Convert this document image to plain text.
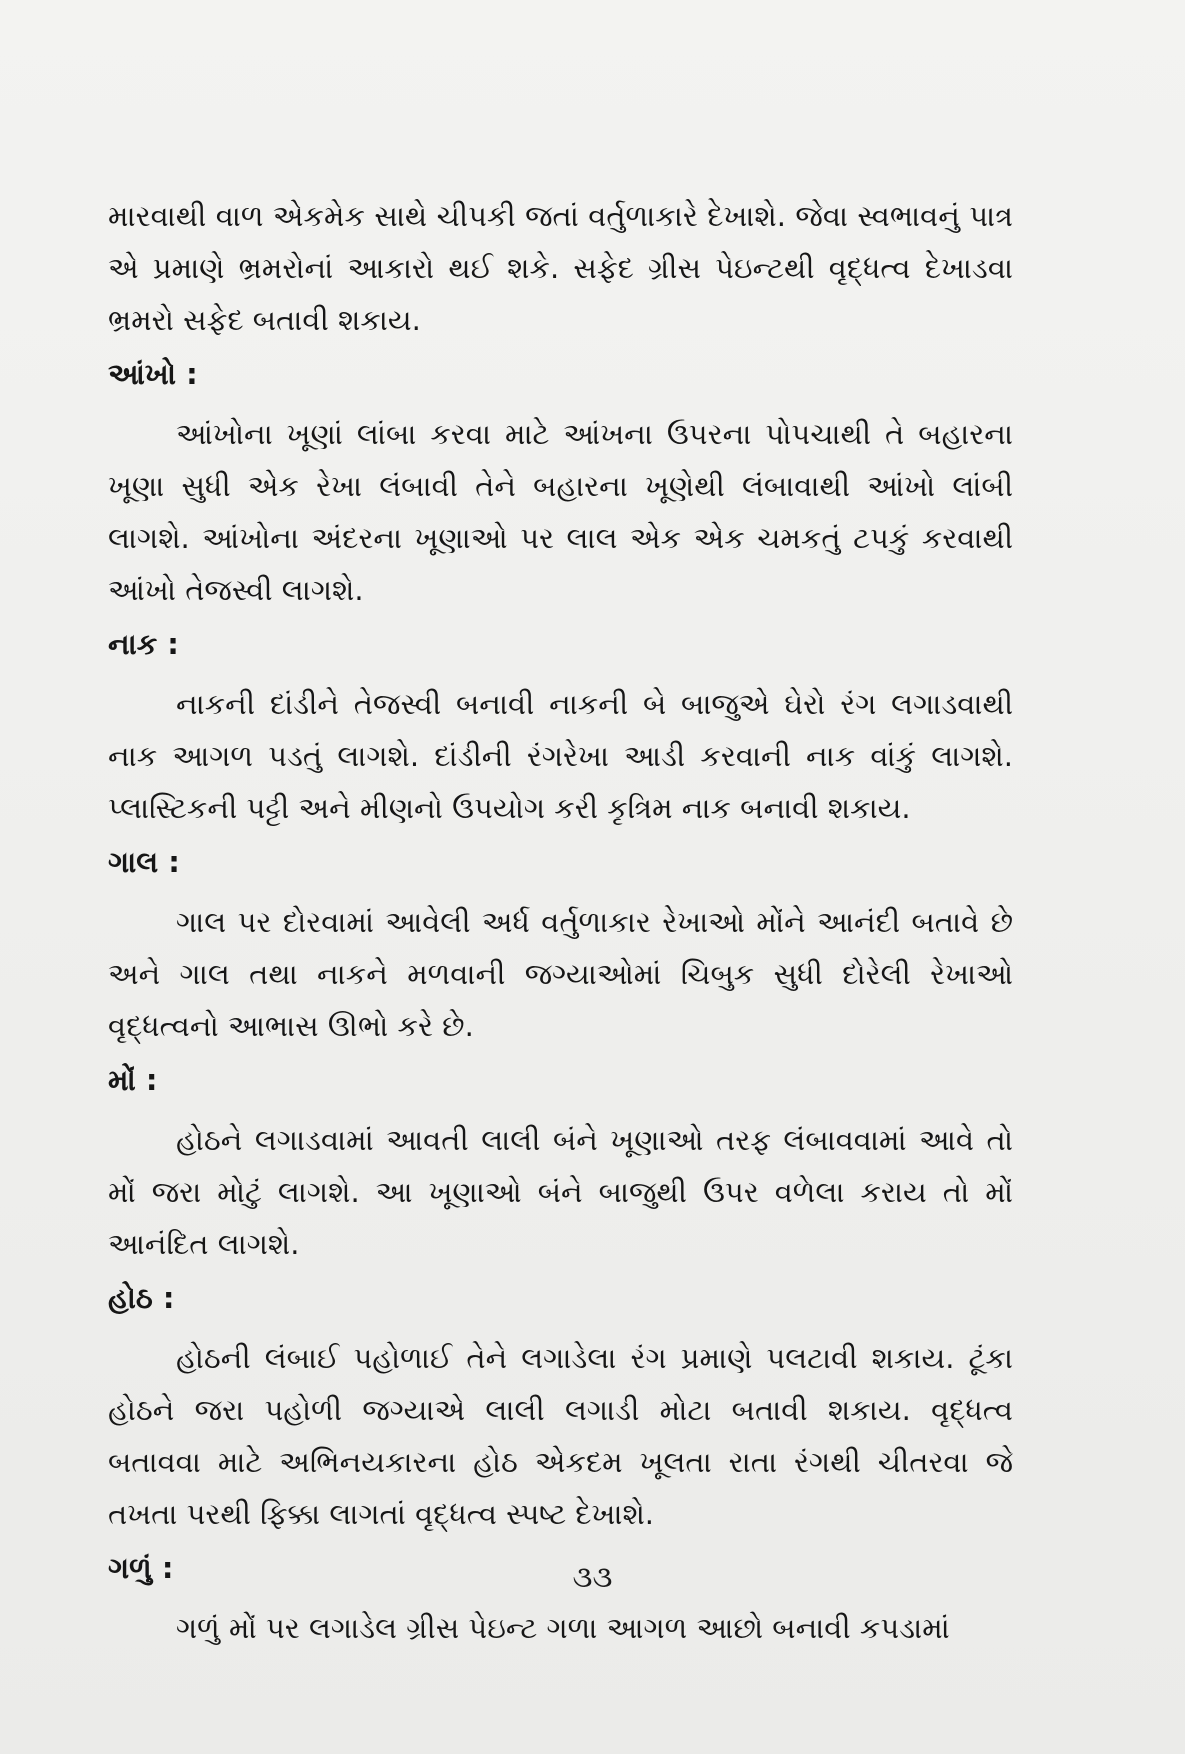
મારવાથી વાળ એકમેક સાથે ચીપકી જતાં વર્તુળાકારે દેખાશે. જેવા સ્વભાવનું પાત્ર એ પ્રમાણે ભ્રમરોનાં આકારો થઈ શકે. સફેદ ગ્રીસ પેઇન્ટથી વૃદ્ધત્વ દેખાડવા ભ્રમરો સફેદ બતાવી શકાય.

આંખો :

આંખોના ખૂણાં લાંબા કરવા માટે આંખના ઉપરના પોપચાથી તે બહારના ખૂણા સુધી એક રેખા લંબાવી તેને બહારના ખૂણેથી લંબાવાથી આંખો લાંબી લાગશે. આંખોના અંદરના ખૂણાઓ પર લાલ એક એક ચમકતું ટપકું કરવાથી આંખો તેજસ્વી લાગશે.

નાક :

નાકની દાંડીને તેજસ્વી બનાવી નાકની બે બાજુએ ઘેરો રંગ લગાડવાથી નાક આગળ પડતું લાગશે. દાંડીની રંગરેખા આડી કરવાની નાક વાંકું લાગશે. પ્લાસ્ટિકની પટ્ટી અને મીણનો ઉપયોગ કરી કૃત્રિમ નાક બનાવી શકાય.

ગાલ :

ગાલ પર દોરવામાં આવેલી અર્ધ વર્તુળાકાર રેખાઓ મોંને આનંદી બતાવે છે અને ગાલ તથા નાકને મળવાની જગ્યાઓમાં ચિબુક સુધી દોરેલી રેખાઓ વૃદ્ધત્વનો આભાસ ઊભો કરે છે.

મોં :

હોઠને લગાડવામાં આવતી લાલી બંને ખૂણાઓ તરફ લંબાવવામાં આવે તો મોં જરા મોટું લાગશે. આ ખૂણાઓ બંને બાજુથી ઉપર વળેલા કરાય તો મોં આનંદિત લાગશે.

હોઠ :

હોઠની લંબાઈ પહોળાઈ તેને લગાડેલા રંગ પ્રમાણે પલટાવી શકાય. ટૂંકા હોઠને જરા પહોળી જગ્યાએ લાલી લગાડી મોટા બતાવી શકાય. વૃદ્ધત્વ બતાવવા માટે અભિનયકારના હોઠ એકદમ ખૂલતા રાતા રંગથી ચીતરવા જે તખતા પરથી ફિક્કા લાગતાં વૃદ્ધત્વ સ્પષ્ટ દેખાશે.

ગળું :

ગળું મોં પર લગાડેલ ગ્રીસ પેઇન્ટ ગળા આગળ આછો બનાવી કપડામાં

૩૩
